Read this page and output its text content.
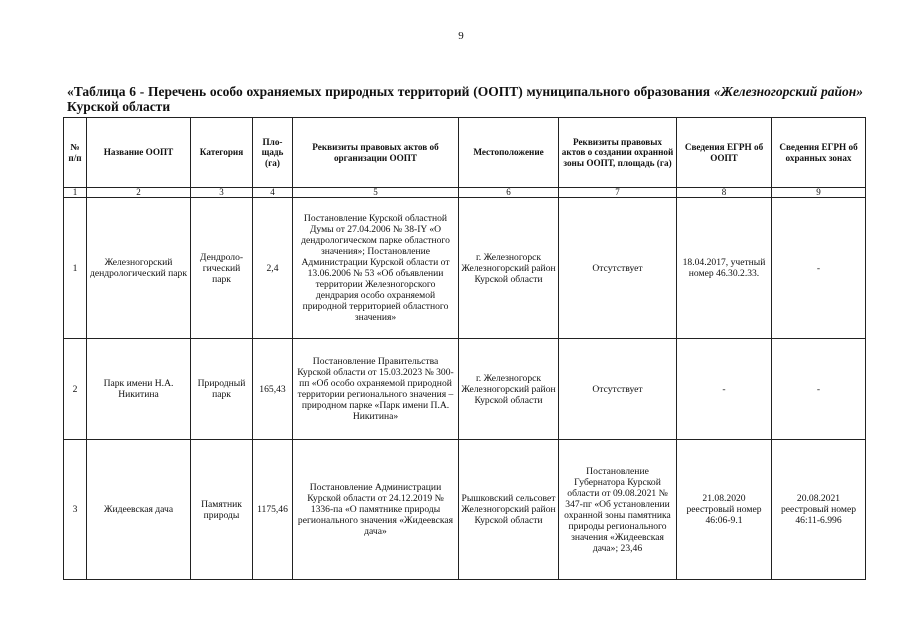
9
«Таблица 6 - Перечень особо охраняемых природных территорий (ООПТ) муниципального образования «Железногорский район» Курской области
№ п/п	Название ООПТ	Категория	Пло-щадь (га)	Реквизиты правовых актов об организации ООПТ	Местоположение	Реквизиты правовых актов о создании охранной зоны ООПТ, площадь (га)	Сведения ЕГРН об ООПТ	Сведения ЕГРН об охранных зонах
1	2	3	4	5	6	7	8	9
1	Железногорский дендрологический парк	Дендроло-гический парк	2,4	Постановление Курской областной Думы от 27.04.2006 № 38-IY «О дендрологическом парке областного значения»; Постановление Администрации Курской области от 13.06.2006 № 53 «Об объявлении территории Железногорского дендрария особо охраняемой природной территорией областного значения»	г. Железногорск Железногорский район Курской области	Отсутствует	18.04.2017, учетный номер 46.30.2.33.	-
2	Парк имени Н.А. Никитина	Природный парк	165,43	Постановление Правительства Курской области от 15.03.2023 № 300-пп «Об особо охраняемой природной территории регионального значения – природном парке «Парк имени П.А. Никитина»	г. Железногорск Железногорский район Курской области	Отсутствует	-	-
3	Жидеевская дача	Памятник природы	1175,46	Постановление Администрации Курской области от 24.12.2019 № 1336-па «О памятнике природы регионального значения «Жидеевская дача»	Рышковский сельсовет Железногорский район Курской области	Постановление Губернатора Курской области от 09.08.2021 № 347-пг «Об установлении охранной зоны памятника природы регионального значения «Жидеевская дача»; 23,46	21.08.2020 реестровый номер 46:06-9.1	20.08.2021 реестровый номер 46:11-6.996
